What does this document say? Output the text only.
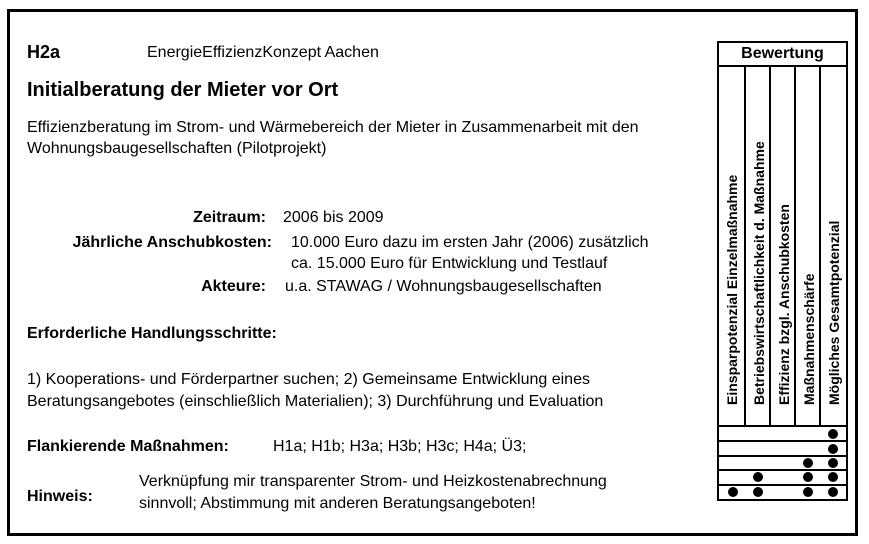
H2a	EnergieEffizienzKonzept Aachen
Initialberatung der Mieter vor Ort
Effizienzberatung im Strom- und Wärmebereich der Mieter in Zusammenarbeit mit den
Wohnungsbaugesellschaften (Pilotprojekt)
Zeitraum: 2006 bis 2009
Jährliche Anschubkosten: 10.000 Euro dazu im ersten Jahr (2006) zusätzlich
ca. 15.000 Euro für Entwicklung und Testlauf
Akteure: u.a. STAWAG / Wohnungsbaugesellschaften
Erforderliche Handlungsschritte:
1) Kooperations- und Förderpartner suchen; 2) Gemeinsame Entwicklung eines
Beratungsangebotes (einschließlich Materialien); 3) Durchführung und Evaluation
Flankierende Maßnahmen:	H1a; H1b; H3a; H3b; H3c; H4a; Ü3;
Hinweis:
Verknüpfung mir transparenter Strom- und Heizkostenabrechnung
sinnvoll; Abstimmung mit anderen Beratungsangeboten!
Bewertung
Einsparpotenzial Einzelmaßnahme Betriebswirtschaftlichkeit d. Maßnahme Effizienz bzgl. Anschubkosten Maßnahmenschärfe Mögliches Gesamtpotenzial
